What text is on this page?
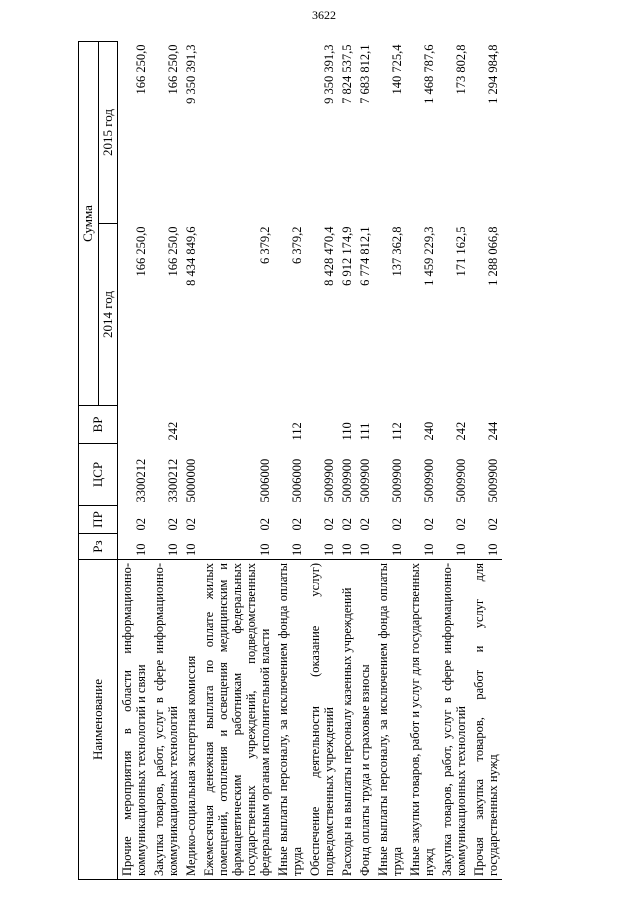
3622
Наименование	Рз	ПР	ЦСР	ВР	Сумма	
					2014 год	2015 год
Прочие мероприятия в области информационно-коммуникационных технологий и связи	10	02	3300212		166 250,0	166 250,0
Закупка товаров, работ, услуг в сфере информационно-коммуникационных технологий	10	02	3300212	242	166 250,0	166 250,0
Медико-социальная экспертная комиссия	10	02	5000000		8 434 849,6	9 350 391,3
Ежемесячная денежная выплата по оплате жилых помещений, отопления и освещения медицинским и фармацевтическим работникам федеральных государственных учреждений, подведомственных федеральным органам исполнительной власти	10	02	5006000		6 379,2	
Иные выплаты персоналу, за исключением фонда оплаты труда	10	02	5006000	112	6 379,2	
Обеспечение деятельности (оказание услуг) подведомственных учреждений	10	02	5009900		8 428 470,4	9 350 391,3
Расходы на выплаты персоналу казенных учреждений	10	02	5009900	110	6 912 174,9	7 824 537,5
Фонд оплаты труда и страховые взносы	10	02	5009900	111	6 774 812,1	7 683 812,1
Иные выплаты персоналу, за исключением фонда оплаты труда	10	02	5009900	112	137 362,8	140 725,4
Иные закупки товаров, работ и услуг для государственных нужд	10	02	5009900	240	1 459 229,3	1 468 787,6
Закупка товаров, работ, услуг в сфере информационно-коммуникационных технологий	10	02	5009900	242	171 162,5	173 802,8
Прочая закупка товаров, работ и услуг для государственных нужд	10	02	5009900	244	1 288 066,8	1 294 984,8
